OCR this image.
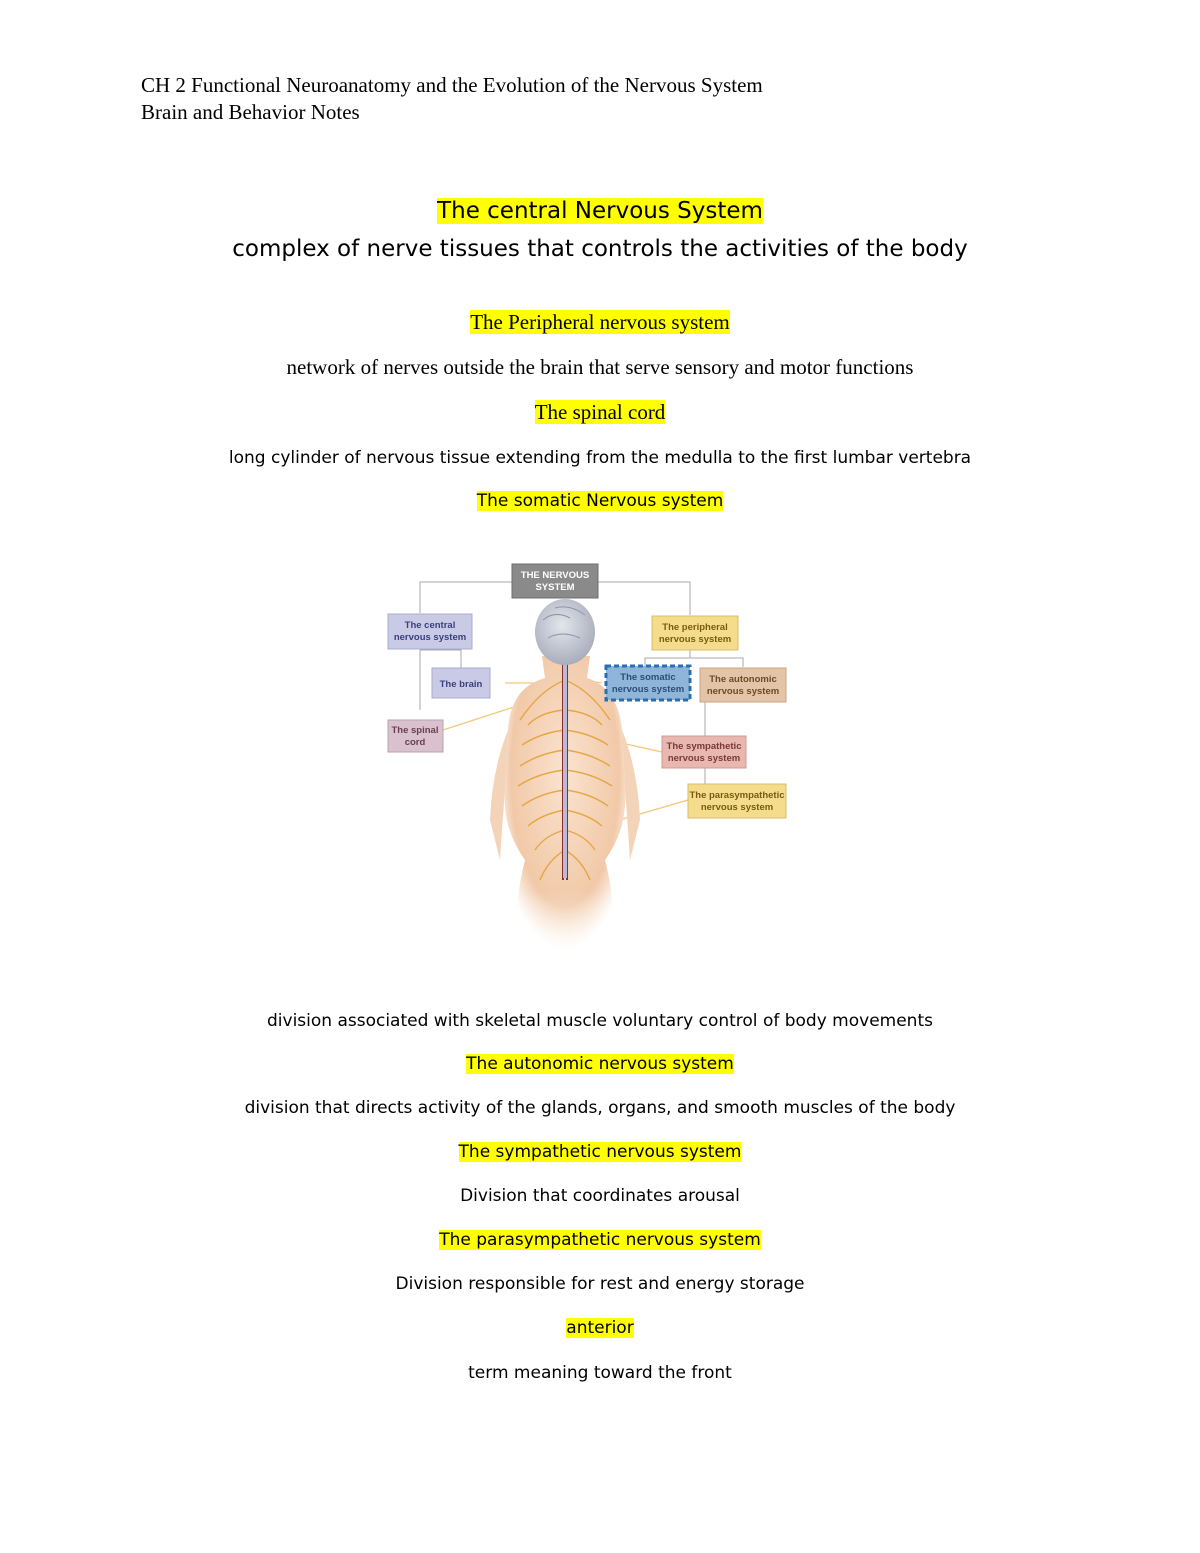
CH 2 Functional Neuroanatomy and the Evolution of the Nervous System
Brain and Behavior Notes
The central Nervous System
complex of nerve tissues that controls the activities of the body
The Peripheral nervous system
network of nerves outside the brain that serve sensory and motor functions
The spinal cord
long cylinder of nervous tissue extending from the medulla to the first lumbar vertebra
The somatic Nervous system
THE NERVOUS
SYSTEM
The central
nervous system
The brain
The spinal
cord
The peripheral
nervous system
The somatic
nervous system
The autonomic
nervous system
The sympathetic
nervous system
The parasympathetic
nervous system
division associated with skeletal muscle voluntary control of body movements
The autonomic nervous system
division that directs activity of the glands, organs, and smooth muscles of the body
The sympathetic nervous system
Division that coordinates arousal
The parasympathetic nervous system
Division responsible for rest and energy storage
anterior
term meaning toward the front
